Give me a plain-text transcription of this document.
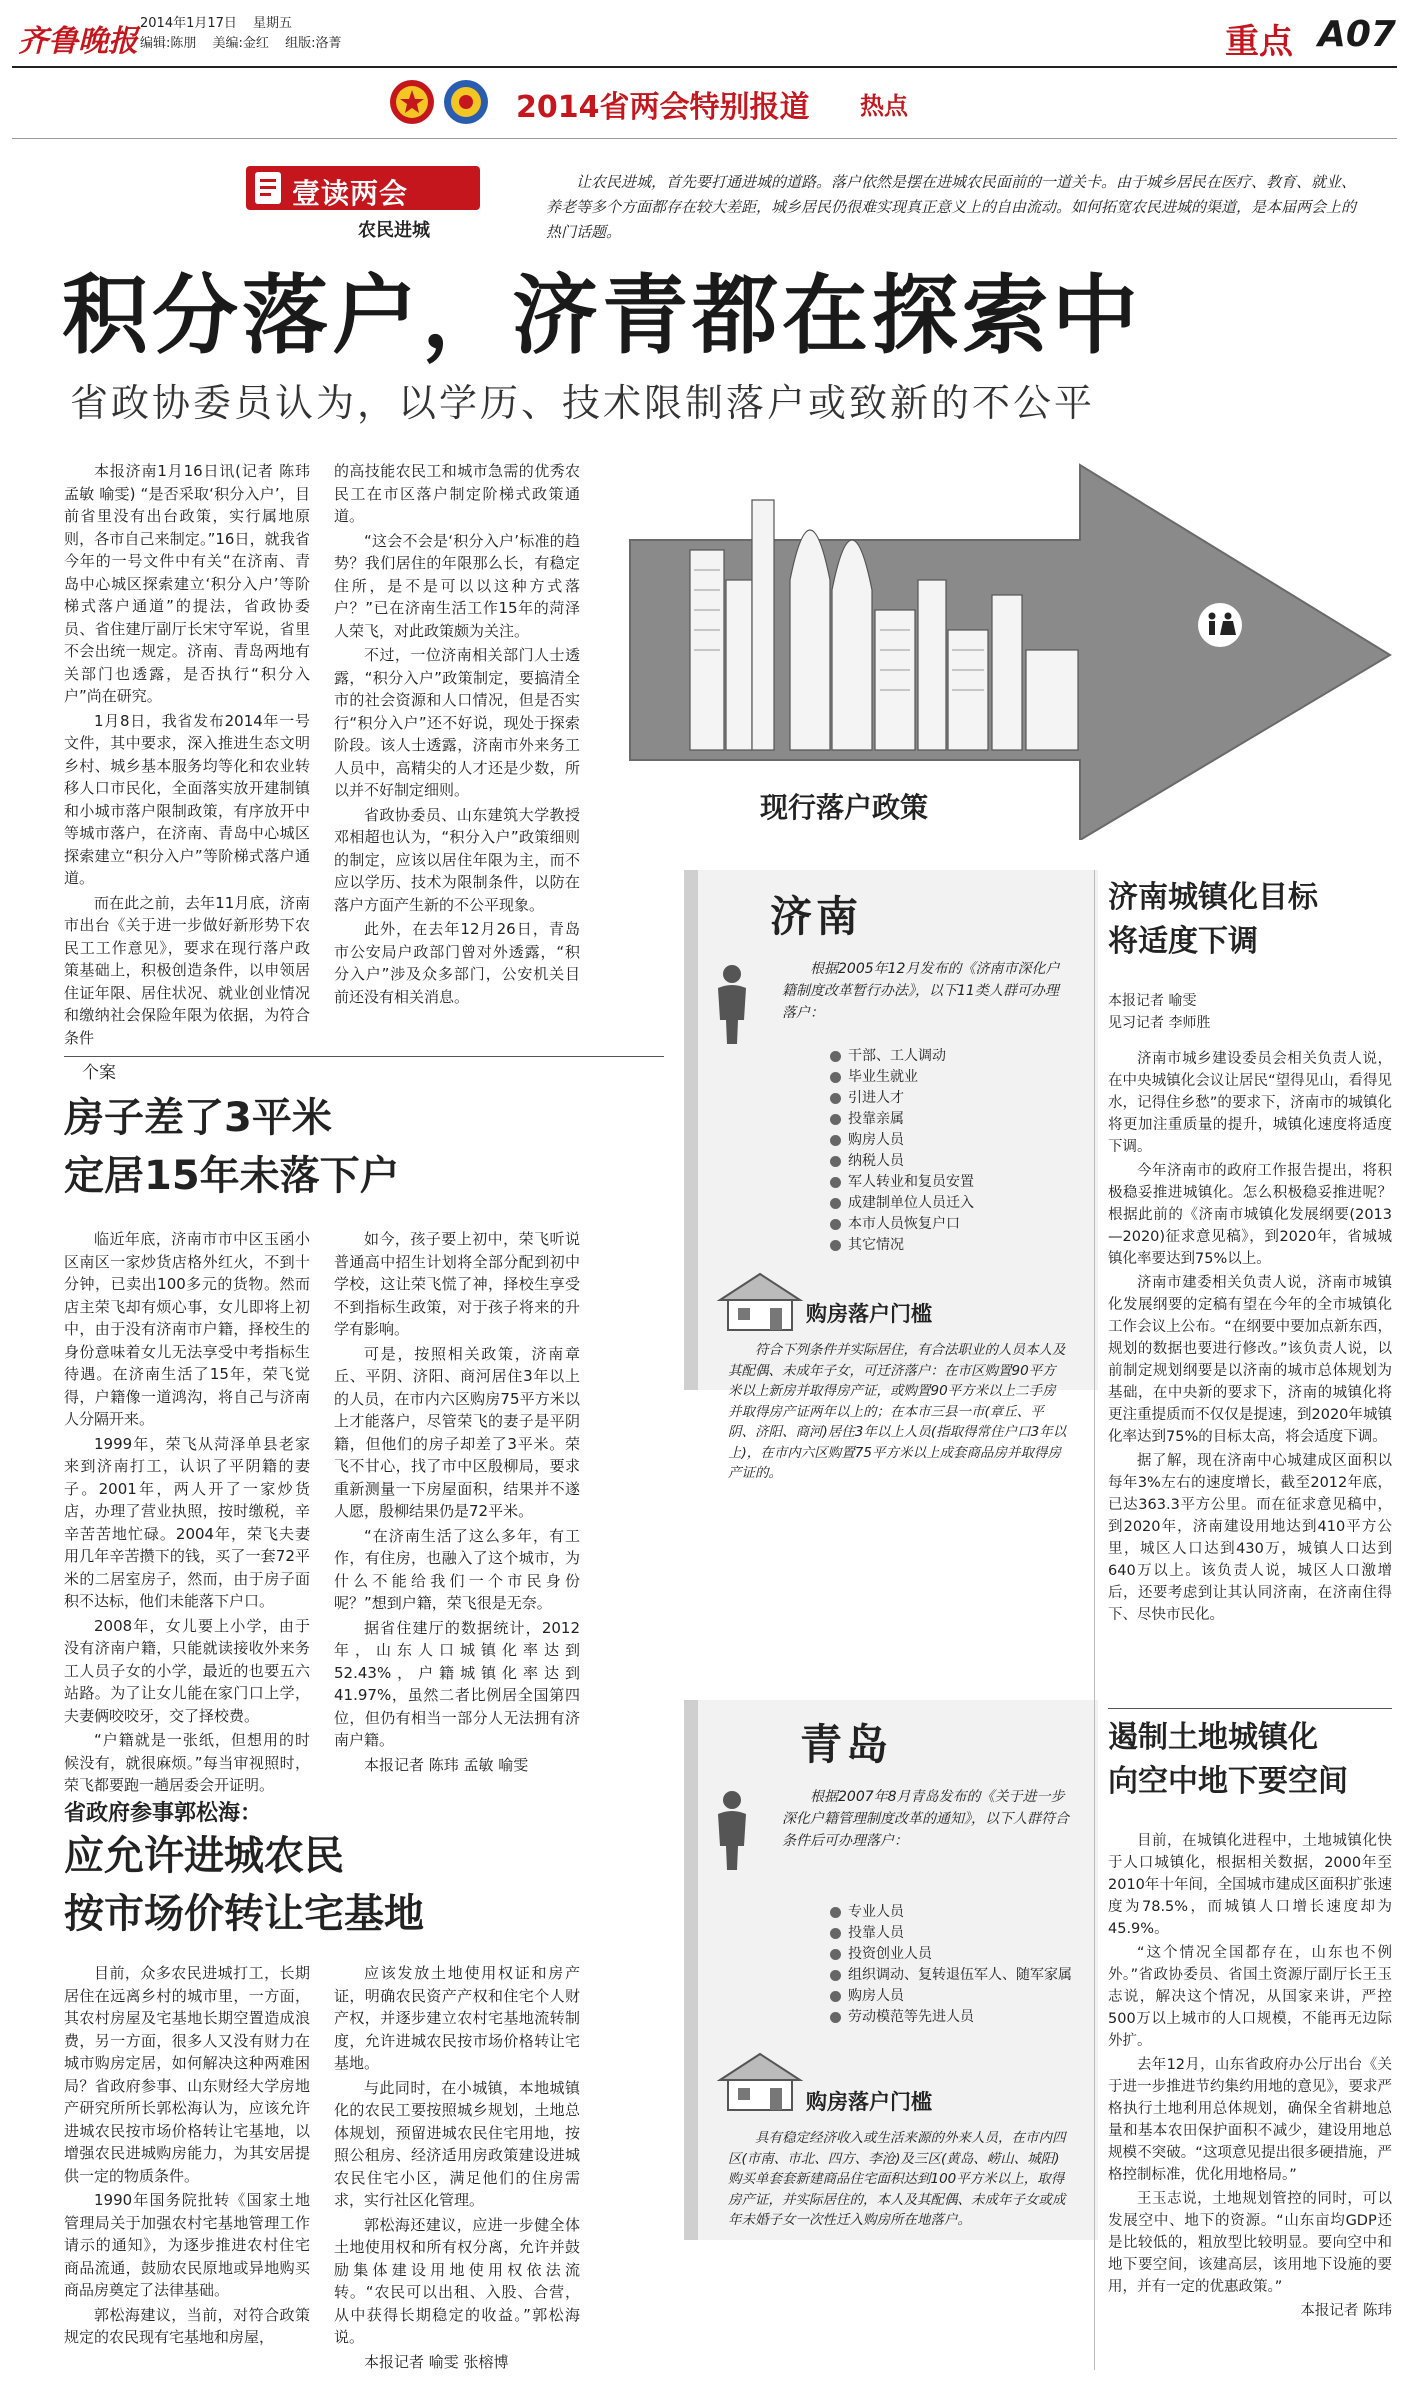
齐鲁晚报
2014年1月17日 星期五
编辑:陈朋 美编:金红 组版:洛菁	重点 A07
2014省两会特别报道 热点
壹读两会
农民进城
让农民进城，首先要打通进城的道路。落户依然是摆在进城农民面前的一道关卡。由于城乡居民在医疗、教育、就业、养老等多个方面都存在较大差距，城乡居民仍很难实现真正意义上的自由流动。如何拓宽农民进城的渠道，是本届两会上的热门话题。
积分落户，济青都在探索中
省政协委员认为，以学历、技术限制落户或致新的不公平

本报济南1月16日讯(记者 陈玮 孟敏 喻雯) “是否采取‘积分入户’，目前省里没有出台政策，实行属地原则，各市自己来制定。”16日，就我省今年的一号文件中有关“在济南、青岛中心城区探索建立‘积分入户’等阶梯式落户通道”的提法，省政协委员、省住建厅副厅长宋守军说，省里不会出统一规定。济南、青岛两地有关部门也透露，是否执行“积分入户”尚在研究。

1月8日，我省发布2014年一号文件，其中要求，深入推进生态文明乡村、城乡基本服务均等化和农业转移人口市民化，全面落实放开建制镇和小城市落户限制政策，有序放开中等城市落户，在济南、青岛中心城区探索建立“积分入户”等阶梯式落户通道。

而在此之前，去年11月底，济南市出台《关于进一步做好新形势下农民工工作意见》，要求在现行落户政策基础上，积极创造条件，以申领居住证年限、居住状况、就业创业情况和缴纳社会保险年限为依据，为符合条件

的高技能农民工和城市急需的优秀农民工在市区落户制定阶梯式政策通道。

“这会不会是‘积分入户’标准的趋势？我们居住的年限那么长，有稳定住所，是不是可以以这种方式落户？”已在济南生活工作15年的菏泽人荣飞，对此政策颇为关注。

不过，一位济南相关部门人士透露，“积分入户”政策制定，要搞清全市的社会资源和人口情况，但是否实行“积分入户”还不好说，现处于探索阶段。该人士透露，济南市外来务工人员中，高精尖的人才还是少数，所以并不好制定细则。

省政协委员、山东建筑大学教授邓相超也认为，“积分入户”政策细则的制定，应该以居住年限为主，而不应以学历、技术为限制条件，以防在落户方面产生新的不公平现象。

此外，在去年12月26日，青岛市公安局户政部门曾对外透露，“积分入户”涉及众多部门，公安机关目前还没有相关消息。

现行落户政策
济南
根据2005年12月发布的《济南市深化户籍制度改革暂行办法》，以下11类人群可办理落户：
干部、工人调动
毕业生就业
引进人才
投靠亲属
购房人员
纳税人员
军人转业和复员安置
成建制单位人员迁入
本市人员恢复户口
其它情况
购房落户门槛
符合下列条件并实际居住，有合法职业的人员本人及其配偶、未成年子女，可迁济落户：在市区购置90平方米以上新房并取得房产证，或购置90平方米以上二手房并取得房产证两年以上的；在本市三县一市(章丘、平阴、济阳、商河)居住3年以上人员(指取得常住户口3年以上)，在市内六区购置75平方米以上成套商品房并取得房产证的。
青岛
根据2007年8月青岛发布的《关于进一步深化户籍管理制度改革的通知》，以下人群符合条件后可办理落户：
专业人员
投靠人员
投资创业人员
组织调动、复转退伍军人、随军家属
购房人员
劳动模范等先进人员
购房落户门槛
具有稳定经济收入或生活来源的外来人员，在市内四区(市南、市北、四方、李沧)及三区(黄岛、崂山、城阳)购买单套套新建商品住宅面积达到100平方米以上，取得房产证，并实际居住的，本人及其配偶、未成年子女或成年未婚子女一次性迁入购房所在地落户。
个案
房子差了3平米
定居15年未落下户

临近年底，济南市市中区玉函小区南区一家炒货店格外红火，不到十分钟，已卖出100多元的货物。然而店主荣飞却有烦心事，女儿即将上初中，由于没有济南市户籍，择校生的身份意味着女儿无法享受中考指标生待遇。在济南生活了15年，荣飞觉得，户籍像一道鸿沟，将自己与济南人分隔开来。

1999年，荣飞从菏泽单县老家来到济南打工，认识了平阴籍的妻子。2001年，两人开了一家炒货店，办理了营业执照，按时缴税，辛辛苦苦地忙碌。2004年，荣飞夫妻用几年辛苦攒下的钱，买了一套72平米的二居室房子，然而，由于房子面积不达标，他们未能落下户口。

2008年，女儿要上小学，由于没有济南户籍，只能就读接收外来务工人员子女的小学，最近的也要五六站路。为了让女儿能在家门口上学，夫妻俩咬咬牙，交了择校费。

“户籍就是一张纸，但想用的时候没有，就很麻烦。”每当审视照时，荣飞都要跑一趟居委会开证明。

如今，孩子要上初中，荣飞听说普通高中招生计划将全部分配到初中学校，这让荣飞慌了神，择校生享受不到指标生政策，对于孩子将来的升学有影响。

可是，按照相关政策，济南章丘、平阴、济阳、商河居住3年以上的人员，在市内六区购房75平方米以上才能落户，尽管荣飞的妻子是平阴籍，但他们的房子却差了3平米。荣飞不甘心，找了市中区殷柳局，要求重新测量一下房屋面积，结果并不遂人愿，殷柳结果仍是72平米。

“在济南生活了这么多年，有工作，有住房，也融入了这个城市，为什么不能给我们一个市民身份呢？”想到户籍，荣飞很是无奈。

据省住建厅的数据统计，2012年，山东人口城镇化率达到52.43%，户籍城镇化率达到41.97%，虽然二者比例居全国第四位，但仍有相当一部分人无法拥有济南户籍。

本报记者 陈玮 孟敏 喻雯

省政府参事郭松海：
应允许进城农民
按市场价转让宅基地

目前，众多农民进城打工，长期居住在远离乡村的城市里，一方面，其农村房屋及宅基地长期空置造成浪费，另一方面，很多人又没有财力在城市购房定居，如何解决这种两难困局？省政府参事、山东财经大学房地产研究所所长郭松海认为，应该允许进城农民按市场价格转让宅基地，以增强农民进城购房能力，为其安居提供一定的物质条件。

1990年国务院批转《国家土地管理局关于加强农村宅基地管理工作请示的通知》，为逐步推进农村住宅商品流通，鼓励农民原地或异地购买商品房奠定了法律基础。

郭松海建议，当前，对符合政策规定的农民现有宅基地和房屋，

应该发放土地使用权证和房产证，明确农民资产产权和住宅个人财产权，并逐步建立农村宅基地流转制度，允许进城农民按市场价格转让宅基地。

与此同时，在小城镇，本地城镇化的农民工要按照城乡规划，土地总体规划，预留进城农民住宅用地，按照公租房、经济适用房政策建设进城农民住宅小区，满足他们的住房需求，实行社区化管理。

郭松海还建议，应进一步健全体土地使用权和所有权分离，允许并鼓励集体建设用地使用权依法流转。“农民可以出租、入股、合营，从中获得长期稳定的收益。”郭松海说。

本报记者 喻雯 张榕博

济南城镇化目标
将适度下调
本报记者 喻雯
见习记者 李师胜

济南市城乡建设委员会相关负责人说，在中央城镇化会议让居民“望得见山，看得见水，记得住乡愁”的要求下，济南市的城镇化将更加注重质量的提升，城镇化速度将适度下调。

今年济南市的政府工作报告提出，将积极稳妥推进城镇化。怎么积极稳妥推进呢？根据此前的《济南市城镇化发展纲要(2013—2020)征求意见稿》，到2020年，省城城镇化率要达到75%以上。

济南市建委相关负责人说，济南市城镇化发展纲要的定稿有望在今年的全市城镇化工作会议上公布。“在纲要中要加点新东西，规划的数据也要进行修改。”该负责人说，以前制定规划纲要是以济南的城市总体规划为基础，在中央新的要求下，济南的城镇化将更注重提质而不仅仅是提速，到2020年城镇化率达到75%的目标太高，将会适度下调。

据了解，现在济南中心城建成区面积以每年3%左右的速度增长，截至2012年底，已达363.3平方公里。而在征求意见稿中，到2020年，济南建设用地达到410平方公里，城区人口达到430万，城镇人口达到640万以上。该负责人说，城区人口激增后，还要考虑到让其认同济南，在济南住得下、尽快市民化。

遏制土地城镇化
向空中地下要空间

目前，在城镇化进程中，土地城镇化快于人口城镇化，根据相关数据，2000年至2010年十年间，全国城市建成区面积扩张速度为78.5%，而城镇人口增长速度却为45.9%。

“这个情况全国都存在，山东也不例外。”省政协委员、省国土资源厅副厅长王玉志说，解决这个情况，从国家来讲，严控500万以上城市的人口规模，不能再无边际外扩。

去年12月，山东省政府办公厅出台《关于进一步推进节约集约用地的意见》，要求严格执行土地利用总体规划，确保全省耕地总量和基本农田保护面积不减少，建设用地总规模不突破。“这项意见提出很多硬措施，严格控制标准，优化用地格局。”

王玉志说，土地规划管控的同时，可以发展空中、地下的资源。“山东亩均GDP还是比较低的，粗放型比较明显。要向空中和地下要空间，该建高层，该用地下设施的要用，并有一定的优惠政策。”

本报记者 陈玮
